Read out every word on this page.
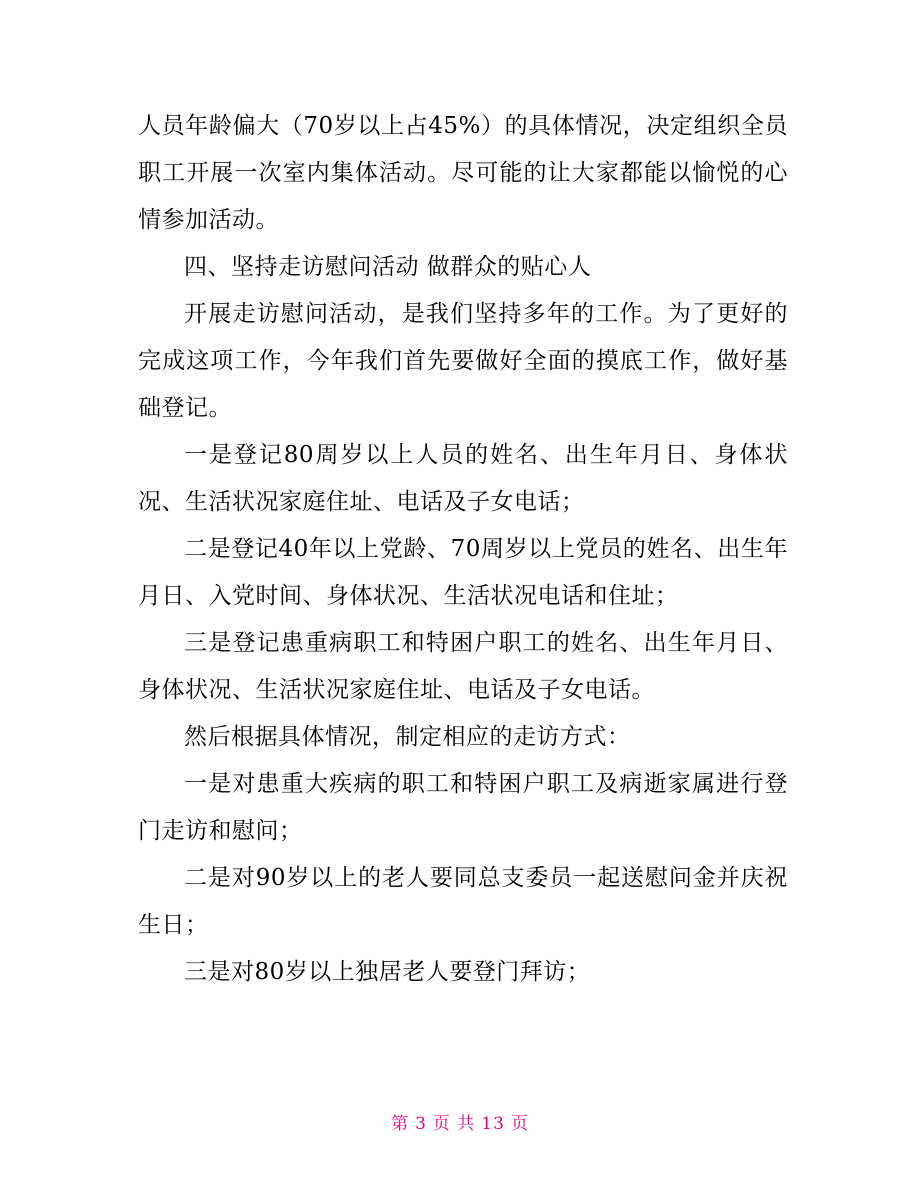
人员年龄偏大（70岁以上占45%）的具体情况，决定组织全员职工开展一次室内集体活动。尽可能的让大家都能以愉悦的心情参加活动。

四、坚持走访慰问活动 做群众的贴心人

开展走访慰问活动，是我们坚持多年的工作。为了更好的完成这项工作，今年我们首先要做好全面的摸底工作，做好基础登记。

一是登记80周岁以上人员的姓名、出生年月日、身体状况、生活状况家庭住址、电话及子女电话；

二是登记40年以上党龄、70周岁以上党员的姓名、出生年月日、入党时间、身体状况、生活状况电话和住址；

三是登记患重病职工和特困户职工的姓名、出生年月日、身体状况、生活状况家庭住址、电话及子女电话。

然后根据具体情况，制定相应的走访方式：

一是对患重大疾病的职工和特困户职工及病逝家属进行登门走访和慰问；

二是对90岁以上的老人要同总支委员一起送慰问金并庆祝生日；

三是对80岁以上独居老人要登门拜访；

第 3 页 共 13 页
